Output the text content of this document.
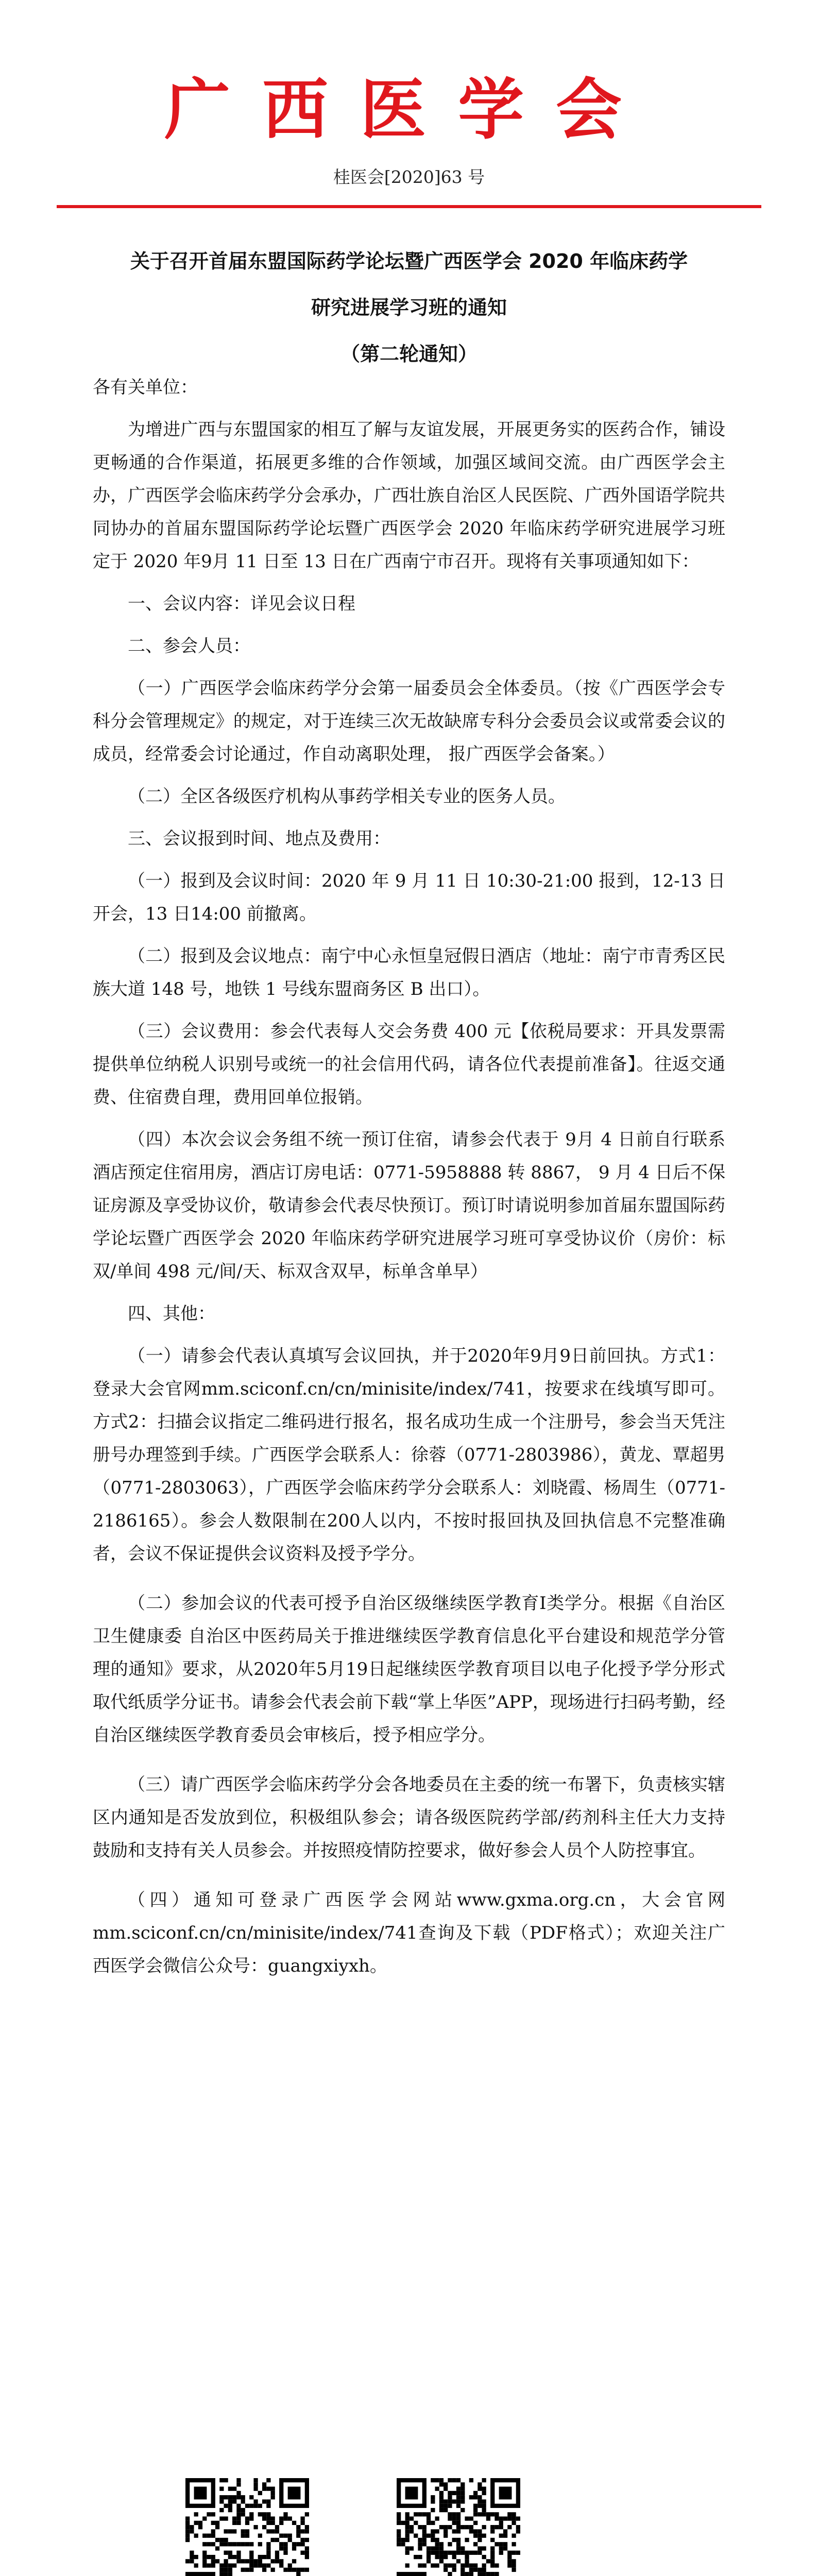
广西医学会
桂医会[2020]63 号
关于召开首届东盟国际药学论坛暨广西医学会 2020 年临床药学
研究进展学习班的通知
（第二轮通知）

各有关单位：

为增进广西与东盟国家的相互了解与友谊发展，开展更务实的医药合作，铺设更畅通的合作渠道，拓展更多维的合作领域，加强区域间交流。由广西医学会主办，广西医学会临床药学分会承办，广西壮族自治区人民医院、广西外国语学院共同协办的首届东盟国际药学论坛暨广西医学会 2020 年临床药学研究进展学习班定于 2020 年9月 11 日至 13 日在广西南宁市召开。现将有关事项通知如下：

一、会议内容：详见会议日程

二、参会人员：

（一）广西医学会临床药学分会第一届委员会全体委员。（按《广西医学会专科分会管理规定》的规定，对于连续三次无故缺席专科分会委员会议或常委会议的成员，经常委会讨论通过，作自动离职处理， 报广西医学会备案。）

（二）全区各级医疗机构从事药学相关专业的医务人员。

三、会议报到时间、地点及费用：

（一）报到及会议时间：2020 年 9 月 11 日 10:30-21:00 报到，12-13 日开会，13 日14:00 前撤离。

（二）报到及会议地点：南宁中心永恒皇冠假日酒店（地址：南宁市青秀区民族大道 148 号，地铁 1 号线东盟商务区 B 出口）。

（三）会议费用：参会代表每人交会务费 400 元【依税局要求：开具发票需提供单位纳税人识别号或统一的社会信用代码，请各位代表提前准备】。往返交通费、住宿费自理，费用回单位报销。

（四）本次会议会务组不统一预订住宿，请参会代表于 9月 4 日前自行联系酒店预定住宿用房，酒店订房电话：0771-5958888 转 8867， 9 月 4 日后不保证房源及享受协议价，敬请参会代表尽快预订。预订时请说明参加首届东盟国际药学论坛暨广西医学会 2020 年临床药学研究进展学习班可享受协议价（房价：标双/单间 498 元/间/天、标双含双早，标单含单早）

四、其他：

（一）请参会代表认真填写会议回执，并于2020年9月9日前回执。方式1：登录大会官网mm.sciconf.cn/cn/minisite/index/741，按要求在线填写即可。方式2：扫描会议指定二维码进行报名，报名成功生成一个注册号，参会当天凭注册号办理签到手续。广西医学会联系人：徐蓉（0771-2803986），黄龙、覃超男（0771-2803063），广西医学会临床药学分会联系人：刘晓霞、杨周生（0771-2186165）。参会人数限制在200人以内，不按时报回执及回执信息不完整准确者，会议不保证提供会议资料及授予学分。

（二）参加会议的代表可授予自治区级继续医学教育I类学分。根据《自治区卫生健康委 自治区中医药局关于推进继续医学教育信息化平台建设和规范学分管理的通知》要求，从2020年5月19日起继续医学教育项目以电子化授予学分形式取代纸质学分证书。请参会代表会前下载“掌上华医”APP，现场进行扫码考勤，经自治区继续医学教育委员会审核后，授予相应学分。

（三）请广西医学会临床药学分会各地委员在主委的统一布署下，负责核实辖区内通知是否发放到位，积极组队参会；请各级医院药学部/药剂科主任大力支持鼓励和支持有关人员参会。并按照疫情防控要求，做好参会人员个人防控事宜。

（四）通知可登录广西医学会网站www.gxma.org.cn，大会官网mm.sciconf.cn/cn/minisite/index/741查询及下载（PDF格式）；欢迎关注广西医学会微信公众号：guangxiyxh。
